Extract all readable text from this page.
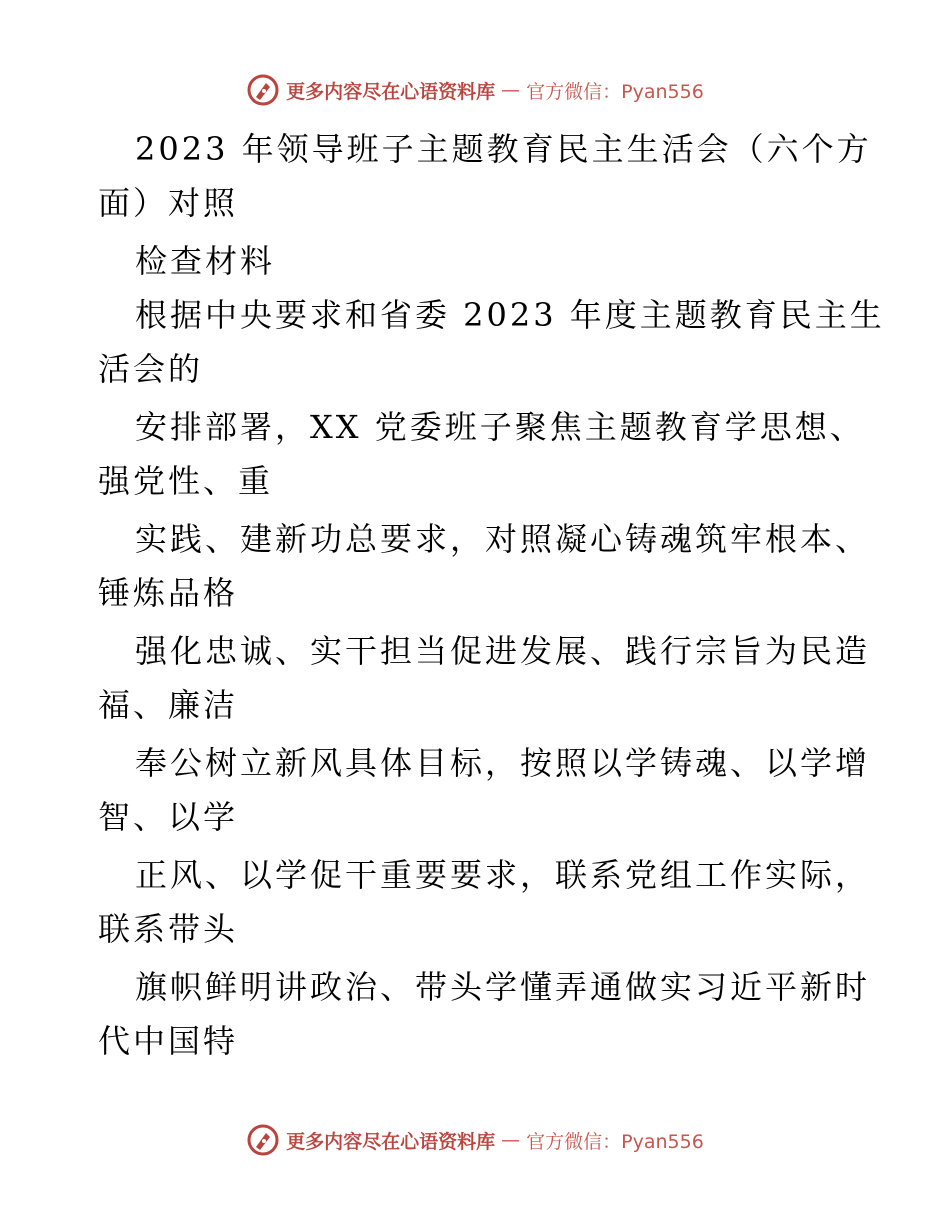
更多内容尽在心语资料库 — 官方微信：Pyan556
2023 年领导班子主题教育民主生活会（六个方
面）对照
检查材料
根据中央要求和省委 2023 年度主题教育民主生
活会的
安排部署，XX 党委班子聚焦主题教育学思想、
强党性、重
实践、建新功总要求，对照凝心铸魂筑牢根本、
锤炼品格
强化忠诚、实干担当促进发展、践行宗旨为民造
福、廉洁
奉公树立新风具体目标，按照以学铸魂、以学增
智、以学
正风、以学促干重要要求，联系党组工作实际，
联系带头
旗帜鲜明讲政治、带头学懂弄通做实习近平新时
代中国特
更多内容尽在心语资料库 — 官方微信：Pyan556
